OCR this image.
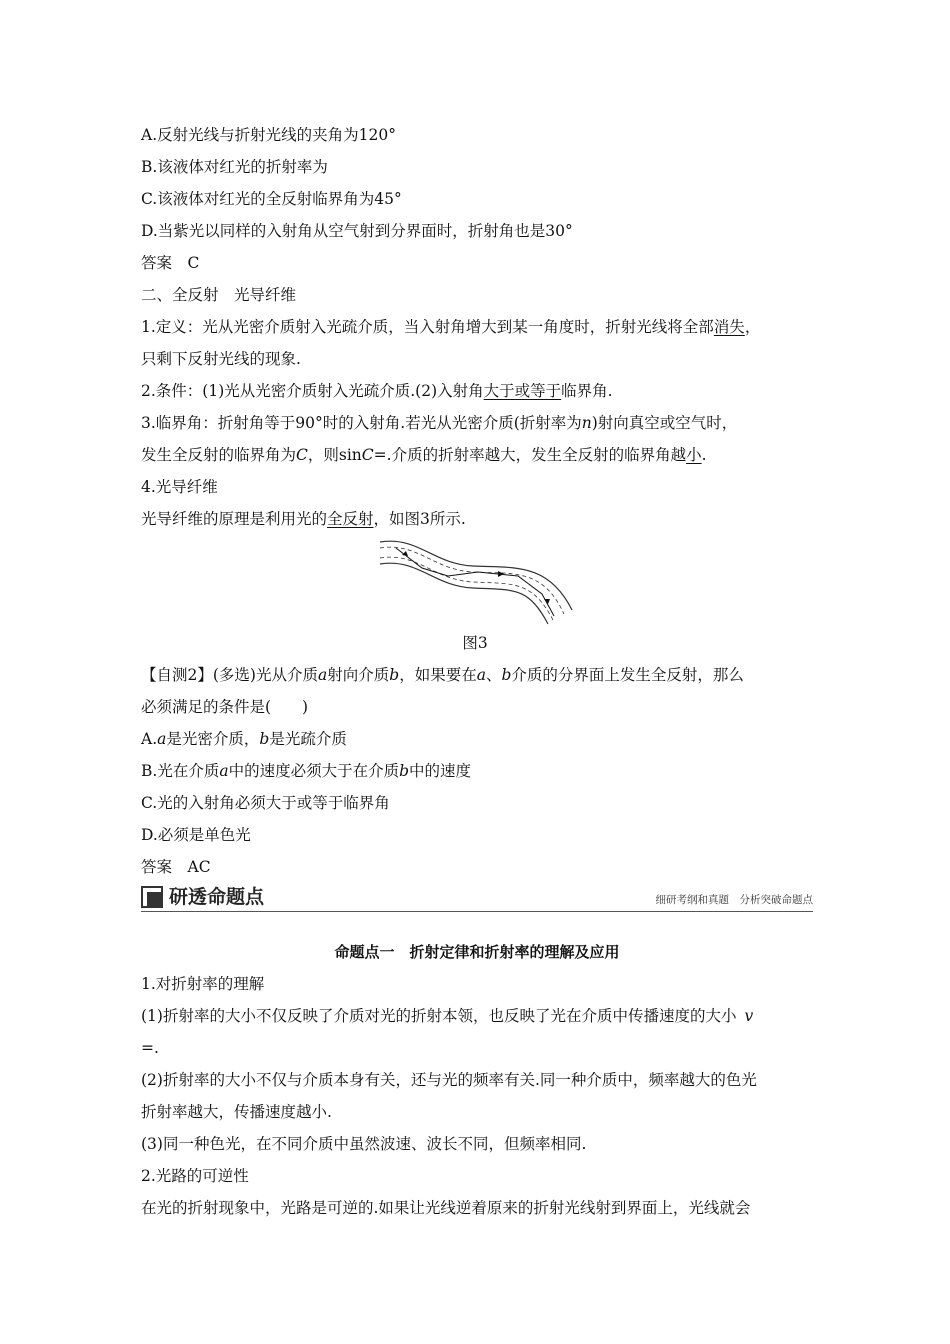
A.反射光线与折射光线的夹角为120°
B.该液体对红光的折射率为
C.该液体对红光的全反射临界角为45°
D.当紫光以同样的入射角从空气射到分界面时，折射角也是30°
答案　C
二、全反射　光导纤维
1.定义：光从光密介质射入光疏介质，当入射角增大到某一角度时，折射光线将全部消失，
只剩下反射光线的现象.
2.条件：(1)光从光密介质射入光疏介质.(2)入射角大于或等于临界角.
3.临界角：折射角等于90°时的入射角.若光从光密介质(折射率为n)射向真空或空气时，
发生全反射的临界角为C，则sinC=.介质的折射率越大，发生全反射的临界角越小.
4.光导纤维
光导纤维的原理是利用光的全反射，如图3所示.
图3
【自测2】(多选)光从介质a射向介质b，如果要在a、b介质的分界面上发生全反射，那么
必须满足的条件是(　　)
A.a是光密介质，b是光疏介质
B.光在介质a中的速度必须大于在介质b中的速度
C.光的入射角必须大于或等于临界角
D.必须是单色光
答案　AC
研透命题点	细研考纲和真题　分析突破命题点
命题点一　折射定律和折射率的理解及应用
1.对折射率的理解
(1)折射率的大小不仅反映了介质对光的折射本领，也反映了光在介质中传播速度的大小 v
=.
(2)折射率的大小不仅与介质本身有关，还与光的频率有关.同一种介质中，频率越大的色光
折射率越大，传播速度越小.
(3)同一种色光，在不同介质中虽然波速、波长不同，但频率相同.
2.光路的可逆性
在光的折射现象中，光路是可逆的.如果让光线逆着原来的折射光线射到界面上，光线就会
